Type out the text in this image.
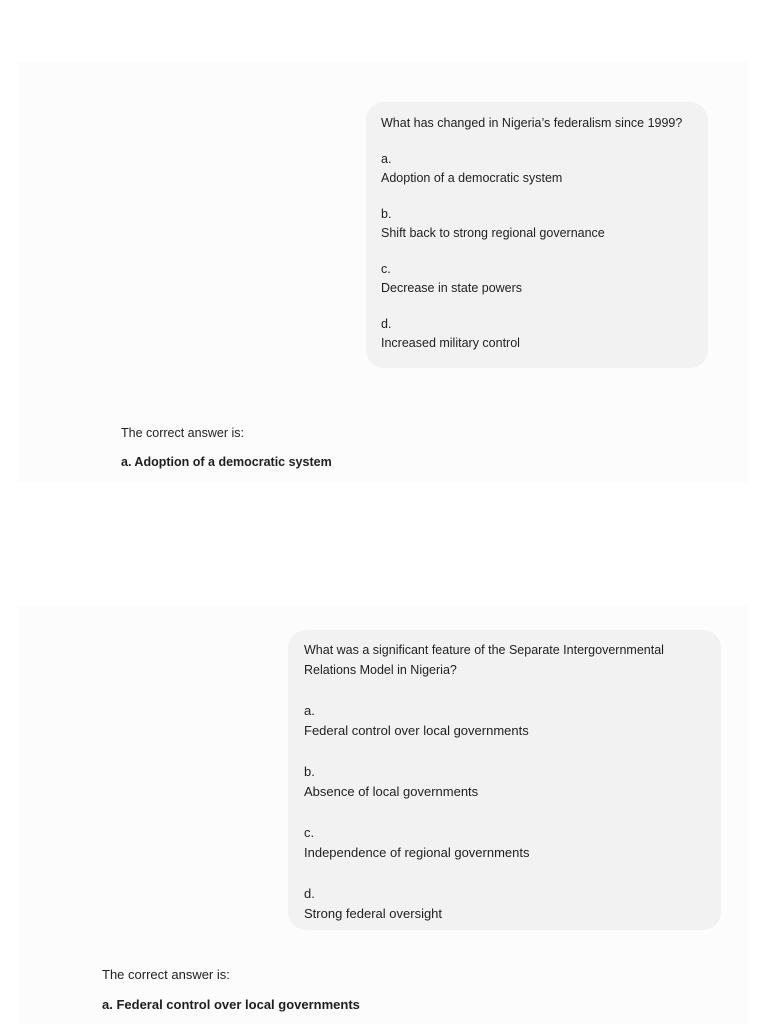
What has changed in Nigeria’s federalism since 1999?

a.
Adoption of a democratic system

b.
Shift back to strong regional governance

c.
Decrease in state powers

d.
Increased military control

The correct answer is:
a. Adoption of a democratic system

What was a significant feature of the Separate Intergovernmental Relations Model in Nigeria?

a.
Federal control over local governments

b.
Absence of local governments

c.
Independence of regional governments

d.
Strong federal oversight

The correct answer is:
a. Federal control over local governments
